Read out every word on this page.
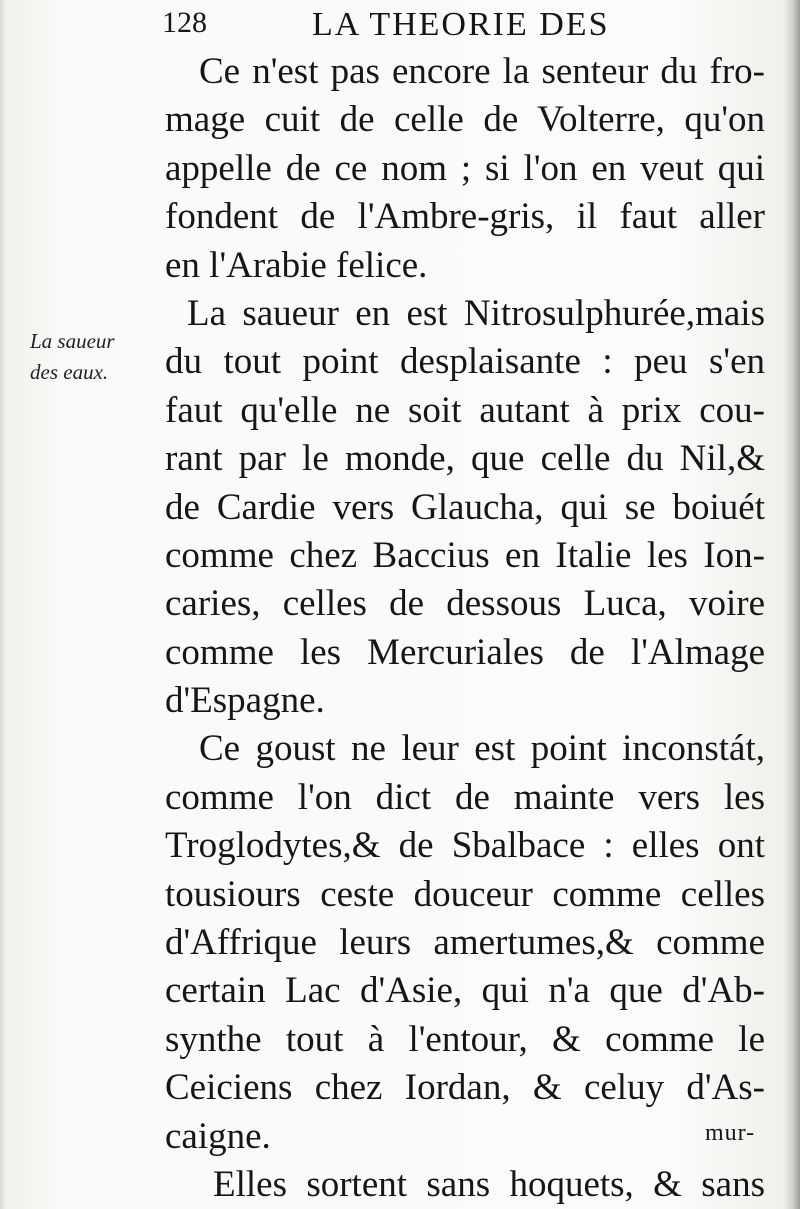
128	LA THEORIE DES
La saueur
des eaux.
Ce n'est pas encore la senteur du fro-
mage cuit de celle de Volterre, qu'on
appelle de ce nom ; si l'on en veut qui
fondent de l'Ambre-gris, il faut aller
en l'Arabie felice.
La saueur en est Nitrosulphurée,mais
du tout point desplaisante : peu s'en
faut qu'elle ne soit autant à prix cou-
rant par le monde, que celle du Nil,&
de Cardie vers Glaucha, qui se boiuét
comme chez Baccius en Italie les Ion-
caries, celles de dessous Luca, voire
comme les Mercuriales de l'Almage
d'Espagne.
Ce goust ne leur est point inconstát,
comme l'on dict de mainte vers les
Troglodytes,& de Sbalbace : elles ont
tousiours ceste douceur comme celles
d'Affrique leurs amertumes,& comme
certain Lac d'Asie, qui n'a que d'Ab-
synthe tout à l'entour, & comme le
Ceiciens chez Iordan, & celuy d'As-
caigne.
Elles sortent sans hoquets, & sans
mur-
